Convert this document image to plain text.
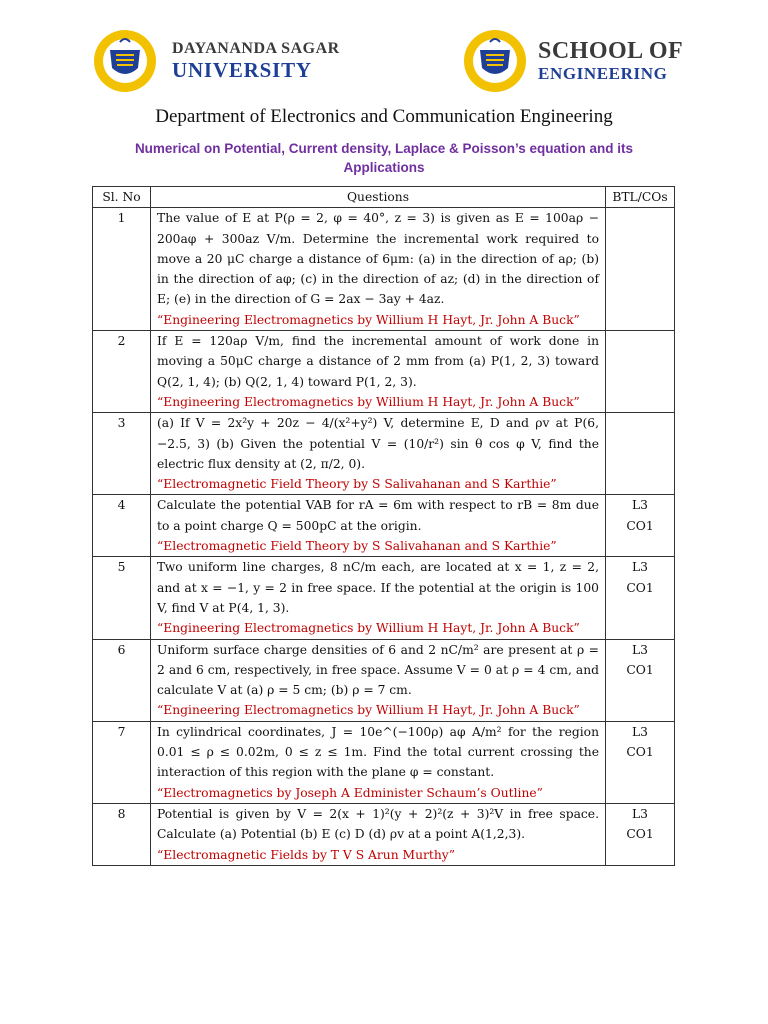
DAYANANDA SAGAR
UNIVERSITY
SCHOOL OF
ENGINEERING
Department of Electronics and Communication Engineering
Numerical on Potential, Current density, Laplace & Poisson’s equation and its Applications
Sl. No	Questions	BTL/COs
1	The value of E at P(ρ = 2, φ = 40°, z = 3) is given as E = 100aρ − 200aφ + 300az V/m. Determine the incremental work required to move a 20 μC charge a distance of 6μm: (a) in the direction of aρ; (b) in the direction of aφ; (c) in the direction of az; (d) in the direction of E; (e) in the direction of G = 2ax − 3ay + 4az.
“Engineering Electromagnetics by Willium H Hayt, Jr. John A Buck”	

2	If E = 120aρ V/m, find the incremental amount of work done in moving a 50μC charge a distance of 2 mm from (a) P(1, 2, 3) toward Q(2, 1, 4); (b) Q(2, 1, 4) toward P(1, 2, 3).
“Engineering Electromagnetics by Willium H Hayt, Jr. John A Buck”	

3	(a) If V = 2x²y + 20z − 4/(x²+y²) V, determine E, D and ρv at P(6, −2.5, 3) (b) Given the potential V = (10/r²) sin θ cos φ V, find the electric flux density at (2, π/2, 0).
“Electromagnetic Field Theory by S Salivahanan and S Karthie”	

4	Calculate the potential VAB for rA = 6m with respect to rB = 8m due to a point charge Q = 500pC at the origin.
“Electromagnetic Field Theory by S Salivahanan and S Karthie”	L3
CO1

5	Two uniform line charges, 8 nC/m each, are located at x = 1, z = 2, and at x = −1, y = 2 in free space. If the potential at the origin is 100 V, find V at P(4, 1, 3).
“Engineering Electromagnetics by Willium H Hayt, Jr. John A Buck”	L3
CO1

6	Uniform surface charge densities of 6 and 2 nC/m² are present at ρ = 2 and 6 cm, respectively, in free space. Assume V = 0 at ρ = 4 cm, and calculate V at (a) ρ = 5 cm; (b) ρ = 7 cm.
“Engineering Electromagnetics by Willium H Hayt, Jr. John A Buck”	L3
CO1

7	In cylindrical coordinates, J = 10e^(−100ρ) aφ A/m² for the region 0.01 ≤ ρ ≤ 0.02m, 0 ≤ z ≤ 1m. Find the total current crossing the interaction of this region with the plane φ = constant.
“Electromagnetics by Joseph A Edminister Schaum’s Outline”	L3
CO1

8	Potential is given by V = 2(x + 1)²(y + 2)²(z + 3)²V in free space. Calculate (a) Potential (b) E (c) D (d) ρv at a point A(1,2,3).
“Electromagnetic Fields by T V S Arun Murthy”	L3
CO1
